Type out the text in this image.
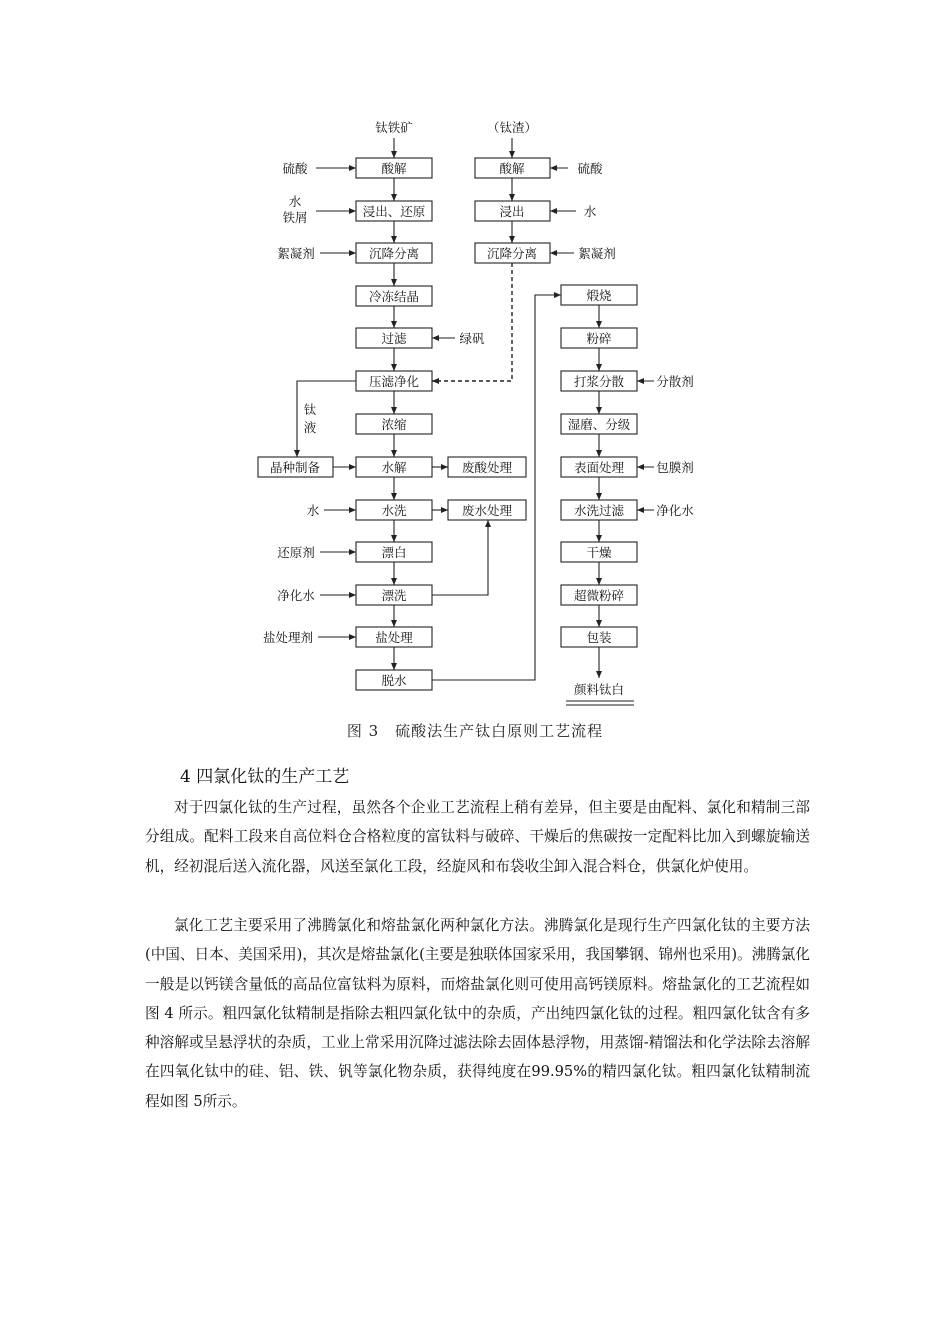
钛铁矿
酸解
浸出、还原
沉降分离
冷冻结晶
过滤
压滤净化
浓缩
水解
水洗
漂白
漂洗
盐处理
脱水
硫酸
水
铁屑
絮凝剂
水
还原剂
净化水
盐处理剂
绿矾
钛
液
晶种制备	废酸处理
废水处理
（钛渣）
酸解
浸出
沉降分离
硫酸
水
絮凝剂
煅烧
粉碎
打浆分散
湿磨、分级
表面处理
水洗过滤
干燥
超微粉碎
包装
颜料钛白
分散剂
包膜剂
净化水
图 3　硫酸法生产钛白原则工艺流程
4 四氯化钛的生产工艺

对于四氯化钛的生产过程，虽然各个企业工艺流程上稍有差异，但主要是由配料、氯化和精制三部分组成。配料工段来自高位料仓合格粒度的富钛料与破碎、干燥后的焦碳按一定配料比加入到螺旋输送机，经初混后送入流化器，风送至氯化工段，经旋风和布袋收尘卸入混合料仓，供氯化炉使用。

氯化工艺主要采用了沸腾氯化和熔盐氯化两种氯化方法。沸腾氯化是现行生产四氯化钛的主要方法(中国、日本、美国采用)，其次是熔盐氯化(主要是独联体国家采用，我国攀钢、锦州也采用)。沸腾氯化一般是以钙镁含量低的高品位富钛料为原料，而熔盐氯化则可使用高钙镁原料。熔盐氯化的工艺流程如图 4 所示。粗四氯化钛精制是指除去粗四氯化钛中的杂质，产出纯四氯化钛的过程。粗四氯化钛含有多种溶解或呈悬浮状的杂质，工业上常采用沉降过滤法除去固体悬浮物，用蒸馏-精馏法和化学法除去溶解在四氧化钛中的硅、铝、铁、钒等氯化物杂质，获得纯度在99.95%的精四氯化钛。粗四氯化钛精制流程如图 5所示。
